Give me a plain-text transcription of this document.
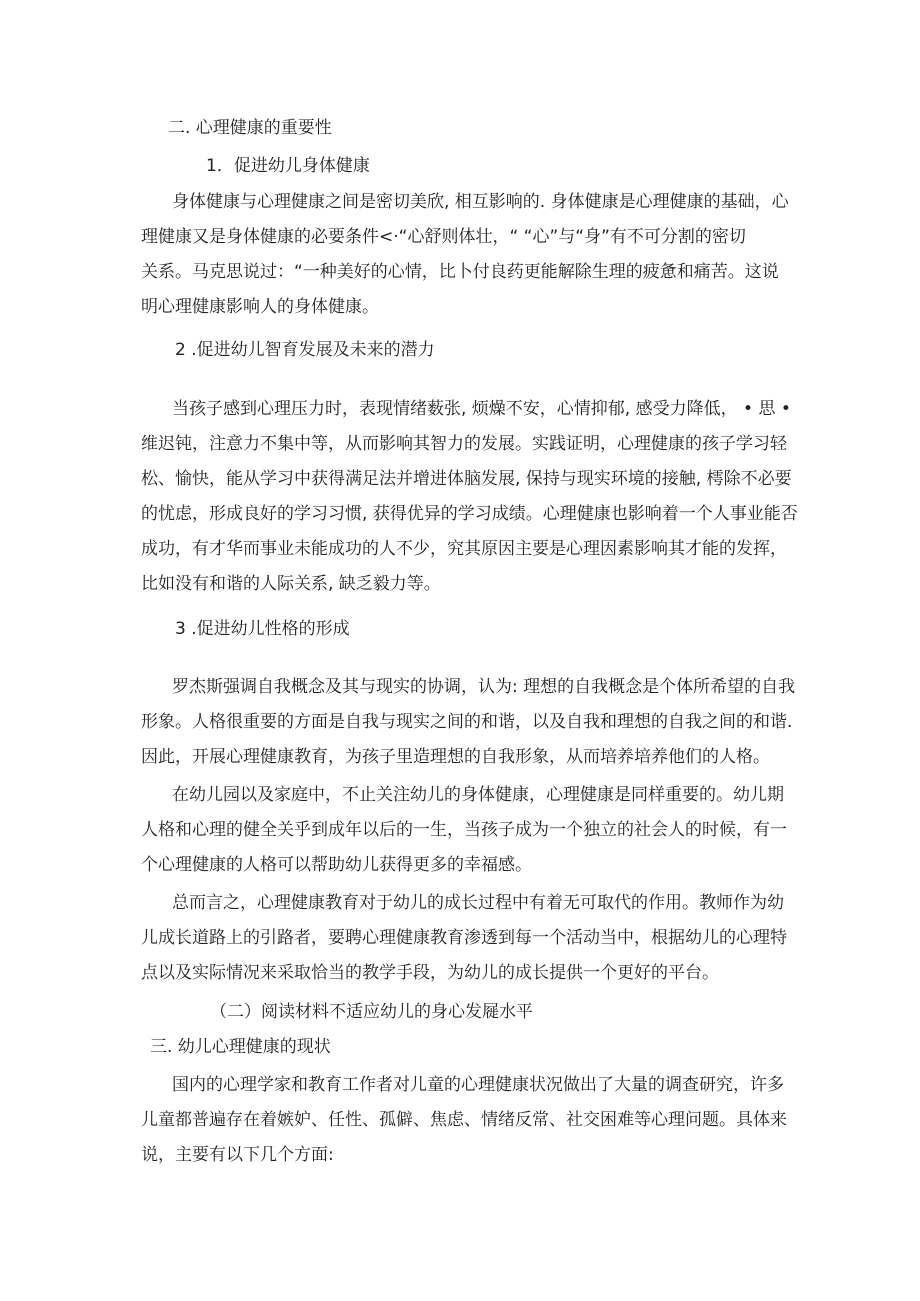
二. 心理健康的重要性
1．促进幼儿身体健康
身体健康与心理健康之间是密切美欣, 相互影响的. 身体健康是心理健康的基础，心
理健康又是身体健康的必要条件<·“心舒则体壮，“ “心”与“身”有不可分割的密切
关系。马克思说过：“一种美好的心情，比卜付良药更能解除生理的疲惫和痛苦。这说
明心理健康影响人的身体健康。
2 .促进幼儿智育发展及未来的潜力
当孩子感到心理压力时，表现情绪薮张, 烦燥不安，心情抑郁, 感受力降低， • 思 •
维迟钝，注意力不集中等，从而影响其智力的发展。实践证明，心理健康的孩子学习轻
松、愉快，能从学习中获得满足法并增进体脑发展, 保持与现实环境的接触, 樗除不必要
的忧虑，形成良好的学习习惯, 获得优异的学习成绩。心理健康也影响着一个人事业能否
成功，有才华而事业未能成功的人不少，究其原因主要是心理因素影响其才能的发挥，
比如没有和谐的人际关系, 缺乏毅力等。
3 .促进幼儿性格的形成
罗杰斯强调自我概念及其与现实的协调，认为: 理想的自我概念是个体所希望的自我
形象。人格很重要的方面是自我与现实之间的和谐，以及自我和理想的自我之间的和谐.
因此，开展心理健康教育，为孩子里造理想的自我形象，从而培养培养他们的人格。
在幼儿园以及家庭中，不止关注幼儿的身体健康，心理健康是同样重要的。幼儿期
人格和心理的健全关乎到成年以后的一生，当孩子成为一个独立的社会人的时候，有一
个心理健康的人格可以帮助幼儿获得更多的幸福感。
总而言之，心理健康教育对于幼儿的成长过程中有着无可取代的作用。教师作为幼
儿成长道路上的引路者，要聘心理健康教育渗透到每一个活动当中，根据幼儿的心理特
点以及实际情况来采取恰当的教学手段，为幼儿的成长提供一个更好的平台。
（二）阅读材料不适应幼儿的身心发屣水平
三. 幼儿心理健康的现状
国内的心理学家和教育工作者对儿童的心理健康状况做出了大量的调查研究，许多
儿童都普遍存在着嫉妒、任性、孤僻、焦虑、情绪反常、社交困难等心理问题。具体来
说，主要有以下几个方面:
